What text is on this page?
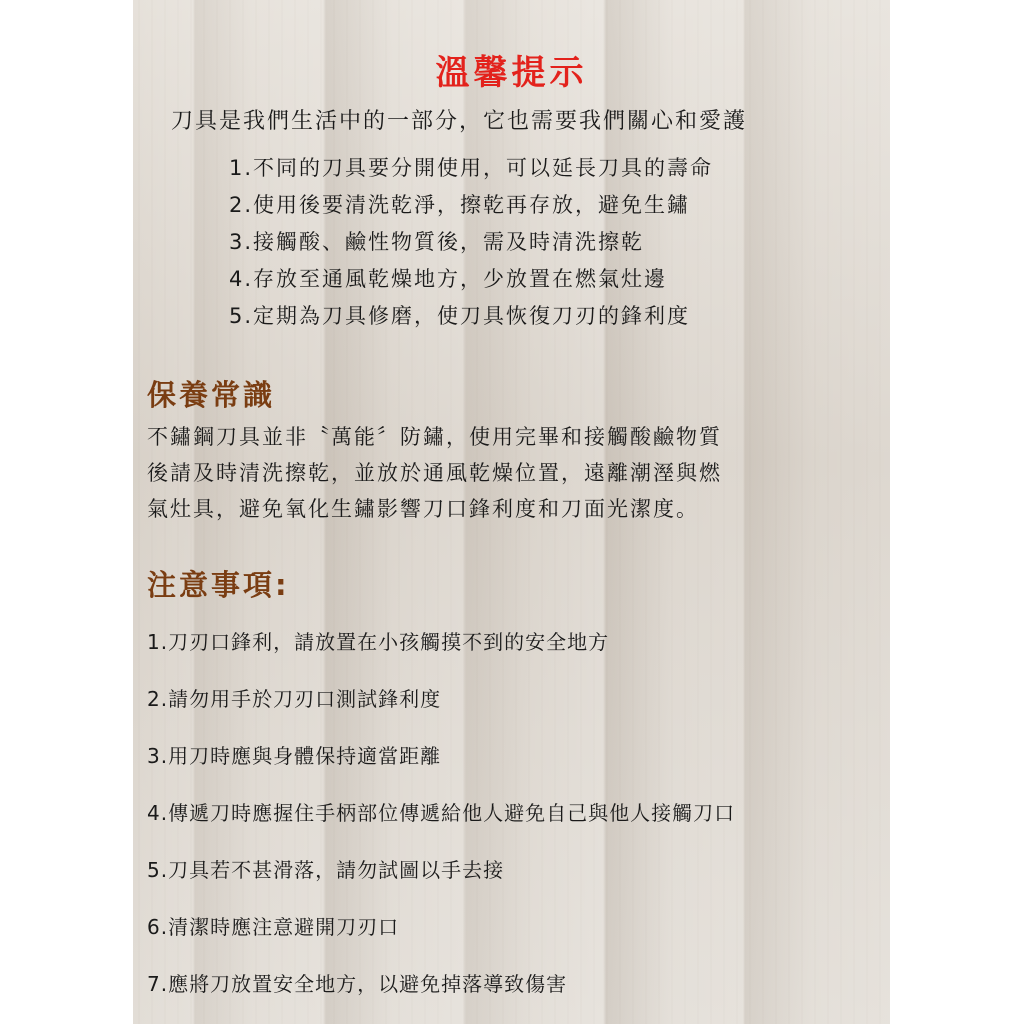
溫馨提示
刀具是我們生活中的一部分，它也需要我們關心和愛護
1.不同的刀具要分開使用，可以延長刀具的壽命
2.使用後要清洗乾淨，擦乾再存放，避免生鏽
3.接觸酸、鹼性物質後，需及時清洗擦乾
4.存放至通風乾燥地方，少放置在燃氣灶邊
5.定期為刀具修磨，使刀具恢復刀刃的鋒利度
保養常識
不鏽鋼刀具並非〝萬能〞防鏽，使用完畢和接觸酸鹼物質
後請及時清洗擦乾，並放於通風乾燥位置，遠離潮溼與燃
氣灶具，避免氧化生鏽影響刀口鋒利度和刀面光潔度。
注意事項:
1.刀刃口鋒利，請放置在小孩觸摸不到的安全地方
2.請勿用手於刀刃口測試鋒利度
3.用刀時應與身體保持適當距離
4.傳遞刀時應握住手柄部位傳遞給他人避免自己與他人接觸刀口
5.刀具若不甚滑落，請勿試圖以手去接
6.清潔時應注意避開刀刃口
7.應將刀放置安全地方，以避免掉落導致傷害
